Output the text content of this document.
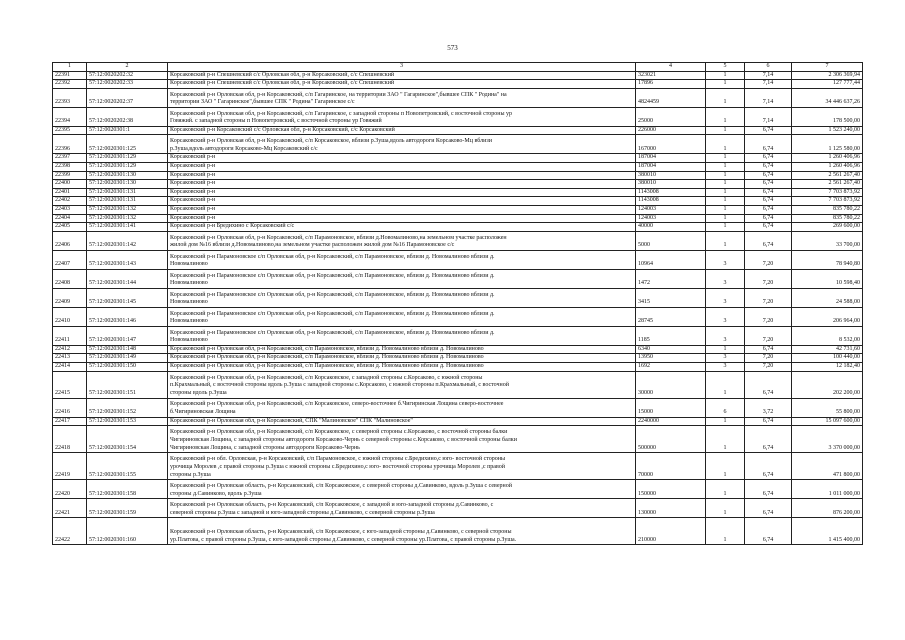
573
1	2	3	4	5	6	7
22391	57:12:0020202:32	Корсаковский р-н Спешневский с/с Орловская обл, р-н Корсаковский, с/с Спешневский	323021	1	7,14	2 306 369,94
22392	57:12:0020202:33	Корсаковский р-н Спешневский с/с Орловская обл, р-н Корсаковский, с/с Спешневский	17896	1	7,14	127 777,44
22393	57:12:0020202:37	Корсаковский р-н Орловская обл, р-н Корсаковский, с/п Гагаринское, на территории ЗАО " Гагаринское",бывшее СПК " Родина" на
территории ЗАО " Гагаринское",бывшее СПК " Родина" Гагаринское с/с	4824459	1	7,14	34 446 637,26
22394	57:12:0020202:38	Корсаковский р-н Орловская обл, р-н Корсаковский, с/п Гагаринское, с западной стороны п Новопетровский, с восточной стороны ур
Говяжий. с западной стороны п Новопетровский, с восточной стороны ур Говяжий	25000	1	7,14	178 500,00
22395	57:12:0020301:1	Корсаковский р-н Корсаковский с/с Орловская обл, р-н Корсаковский, с/с Корсаковский	226000	1	6,74	1 523 240,00
22396	57:12:0020301:125	Корсаковский р-н Орловская обл, р-н Корсаковский, с/п Корсаковское, вблизи р.Зуша,вдоль автодороги Корсаково-Мц вблизи
р.Зуша,вдоль автодороги Корсаково-Мц Корсаковский с/с	167000	1	6,74	1 125 580,00
22397	57:12:0020301:129	Корсаковский р-н	187004	1	6,74	1 260 406,96
22398	57:12:0020301:129	Корсаковский р-н	187004	1	6,74	1 260 406,96
22399	57:12:0020301:130	Корсаковский р-н	380010	1	6,74	2 561 267,40
22400	57:12:0020301:130	Корсаковский р-н	380010	1	6,74	2 561 267,40
22401	57:12:0020301:131	Корсаковский р-н	1143008	1	6,74	7 703 873,92
22402	57:12:0020301:131	Корсаковский р-н	1143008	1	6,74	7 703 873,92
22403	57:12:0020301:132	Корсаковский р-н	124003	1	6,74	835 780,22
22404	57:12:0020301:132	Корсаковский р-н	124003	1	6,74	835 780,22
22405	57:12:0020301:141	Корсаковский р-н Бредихино с Корсаковский с/с	40000	1	6,74	269 600,00
22406	57:12:0020301:142	Корсаковский р-н Орловская обл, р-н Корсаковский, с/п Парамоновское, вблизи д.Новомалиново,на земельном участке расположен
жилой дом №16 вблизи д.Новомалиново,на земельном участке расположен жилой дом №16 Парамоновское с/с	5000	1	6,74	33 700,00
22407	57:12:0020301:143	Корсаковский р-н Парамоновское с/п Орловская обл, р-н Корсаковский, с/п Парамоновское, вблизи д. Новомалиново вблизи д.
Новомалиново	10964	3	7,20	78 940,80
22408	57:12:0020301:144	Корсаковский р-н Парамоновское с/п Орловская обл, р-н Корсаковский, с/п Парамоновское, вблизи д. Новомалиново вблизи д.
Новомалиново	1472	3	7,20	10 598,40
22409	57:12:0020301:145	Корсаковский р-н Парамоновское с/п Орловская обл, р-н Корсаковский, с/п Парамоновское, вблизи д. Новомалиново вблизи д.
Новомалиново	3415	3	7,20	24 588,00
22410	57:12:0020301:146	Корсаковский р-н Парамоновское с/п Орловская обл, р-н Корсаковский, с/п Парамоновское, вблизи д. Новомалиново вблизи д.
Новомалиново	28745	3	7,20	206 964,00
22411	57:12:0020301:147	Корсаковский р-н Парамоновское с/п Орловская обл, р-н Корсаковский, с/п Парамоновское, вблизи д. Новомалиново вблизи д.
Новомалиново	1185	3	7,20	8 532,00
22412	57:12:0020301:148	Корсаковский р-н Орловская обл, р-н Корсаковский, с/п Парамоновское, вблизи д. Новомалиново вблизи д. Новомалиново	6340	1	6,74	42 731,60
22413	57:12:0020301:149	Корсаковский р-н Орловская обл, р-н Корсаковский, с/п Парамоновское, вблизи д. Новомалиново вблизи д. Новомалиново	13950	3	7,20	100 440,00
22414	57:12:0020301:150	Корсаковский р-н Орловская обл, р-н Корсаковский, с/п Парамоновское, вблизи д. Новомалиново вблизи д. Новомалиново	1692	3	7,20	12 182,40
22415	57:12:0020301:151	Корсаковский р-н Орловская обл, р-н Корсаковский, с/п Корсаковское, с западной стороны с.Корсаково, с южной стороны
п.Крахмальный, с восточной стороны вдоль р.Зуша с западной стороны с.Корсаково, с южной стороны п.Крахмальный, с восточной
стороны вдоль р.Зуша	30000	1	6,74	202 200,00
22416	57:12:0020301:152	Корсаковский р-н Орловская обл, р-н Корсаковский, с/п Корсаковское, северо-восточнее б.Чигиринская Лощина северо-восточнее
б.Чигириновская Лощина	15000	6	3,72	55 800,00
22417	57:12:0020301:153	Корсаковский р-н Орловская обл, р-н Корсаковский, СПК "Малиновское" СПК "Малиновское"	2240000	1	6,74	15 097 600,00
22418	57:12:0020301:154	Корсаковский р-н Орловская обл, р-н Корсаковский, с/п Корсаковское, с северной стороны с.Корсаково, с восточной стороны балки
Чигириновская Лощина, с западной стороны автодороги Корсаково-Чернь с северной стороны с.Корсаково, с восточной стороны балки
Чигириновская Лощина, с западной стороны автодороги Корсаково-Чернь	500000	1	6,74	3 370 000,00
22419	57:12:0020301:155	Корсаковский р-н обл. Орловская, р-н Корсаковский, с/п Парамоновское, с южной стороны с.Бредихино,с юго- восточной стороны
урочища Моролев ,с правой стороны р.Зуша с южной стороны с.Бредихино,с юго- восточной стороны урочища Моролев ,с правой
стороны р.Зуша	70000	1	6,74	471 800,00
22420	57:12:0020301:158	Корсаковский р-н Орловская область, р-н Корсаковский, с/п Корсаковское, с северной стороны д.Савинково, вдоль р.Зуша с северной
стороны д.Савинково, вдоль р.Зуша	150000	1	6,74	1 011 000,00
22421	57:12:0020301:159	Корсаковский р-н Орловская область, р-н Корсаковский, с/п Корсаковское, с западной и юго-западной стороны д.Савинково, с
северной стороны р.Зуша с западной и юго-западной стороны д.Савинково, с северной стороны р.Зуша	130000	1	6,74	876 200,00
22422	57:12:0020301:160	Корсаковский р-н Орловская область, р-н Корсаковский, с/п Корсаковское, с юго-западной стороны д.Савинково, с северной стороны
ур.Платова, с правой стороны р.Зуша, с юго-западной стороны д.Савинково, с северной стороны ур.Платова, с правой стороны р.Зуша.	210000	1	6,74	1 415 400,00
